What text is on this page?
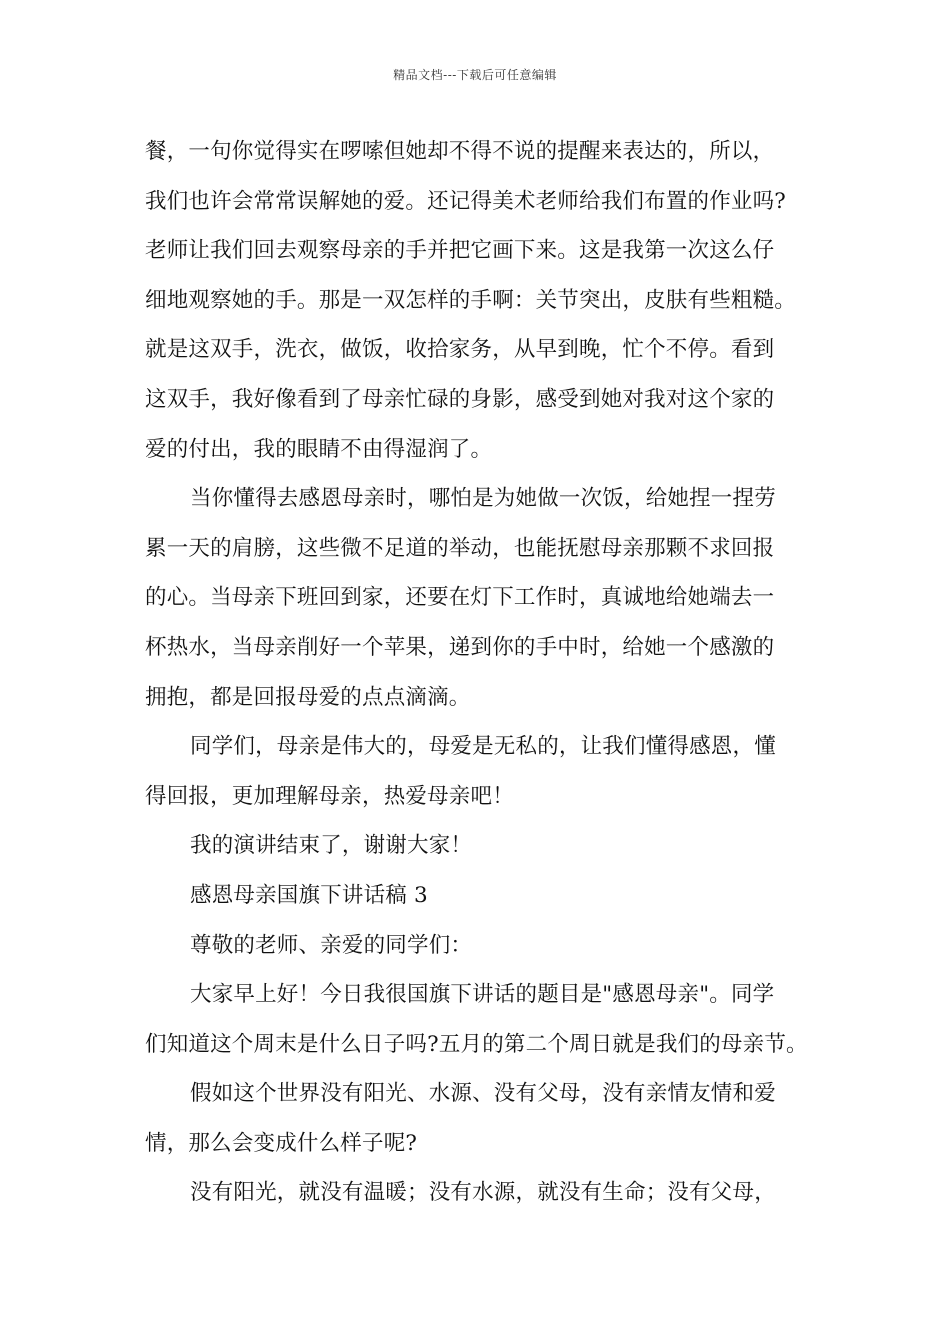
精品文档---下载后可任意编辑
餐，一句你觉得实在啰嗦但她却不得不说的提醒来表达的，所以，
我们也许会常常误解她的爱。还记得美术老师给我们布置的作业吗?
老师让我们回去观察母亲的手并把它画下来。这是我第一次这么仔
细地观察她的手。那是一双怎样的手啊：关节突出，皮肤有些粗糙。
就是这双手，洗衣，做饭，收拾家务，从早到晚，忙个不停。看到
这双手，我好像看到了母亲忙碌的身影，感受到她对我对这个家的
爱的付出，我的眼睛不由得湿润了。
当你懂得去感恩母亲时，哪怕是为她做一次饭，给她捏一捏劳
累一天的肩膀，这些微不足道的举动，也能抚慰母亲那颗不求回报
的心。当母亲下班回到家，还要在灯下工作时，真诚地给她端去一
杯热水，当母亲削好一个苹果，递到你的手中时，给她一个感激的
拥抱，都是回报母爱的点点滴滴。
同学们，母亲是伟大的，母爱是无私的，让我们懂得感恩，懂
得回报，更加理解母亲，热爱母亲吧！
我的演讲结束了，谢谢大家！
感恩母亲国旗下讲话稿 3
尊敬的老师、亲爱的同学们：
大家早上好！今日我很国旗下讲话的题目是"感恩母亲"。同学
们知道这个周末是什么日子吗?五月的第二个周日就是我们的母亲节。
假如这个世界没有阳光、水源、没有父母，没有亲情友情和爱
情，那么会变成什么样子呢?
没有阳光，就没有温暖；没有水源，就没有生命；没有父母，
